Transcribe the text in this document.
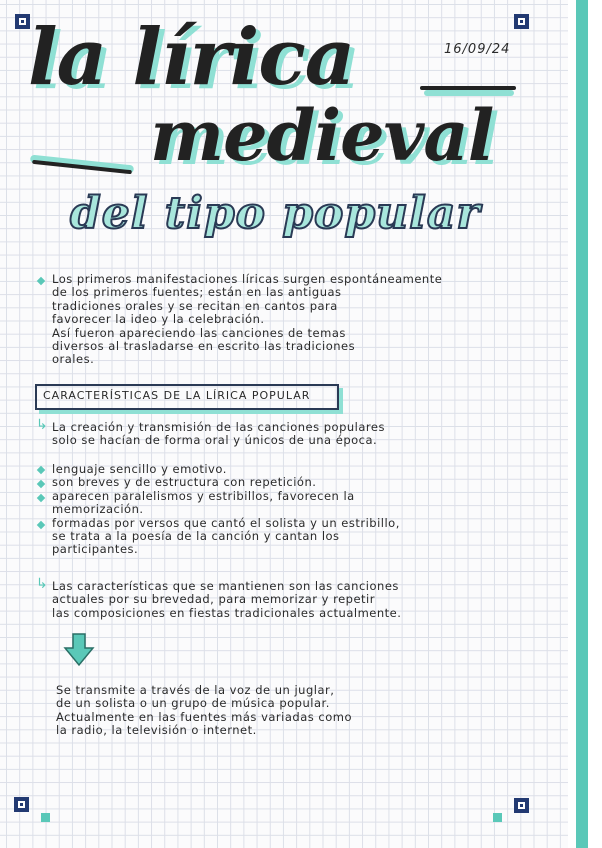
16/09/24
la lírica
medieval
del tipo popular
Los primeros manifestaciones líricas surgen espontáneamente
de los primeros fuentes; están en las antiguas
tradiciones orales y se recitan en cantos para
favorecer la ideo y la celebración.
Así fueron apareciendo las canciones de temas
diversos al trasladarse en escrito las tradiciones
orales.
CARACTERÍSTICAS DE LA LÍRICA POPULAR
↳ La creación y transmisión de las canciones populares
solo se hacían de forma oral y únicos de una época.
lenguaje sencillo y emotivo.
son breves y de estructura con repetición.
aparecen paralelismos y estribillos, favorecen la
memorización.
formadas por versos que cantó el solista y un estribillo,
se trata a la poesía de la canción y cantan los
participantes.
↳ Las características que se mantienen son las canciones
actuales por su brevedad, para memorizar y repetir
las composiciones en fiestas tradicionales actualmente.
Se transmite a través de la voz de un juglar,
de un solista o un grupo de música popular.
Actualmente en las fuentes más variadas como
la radio, la televisión o internet.
